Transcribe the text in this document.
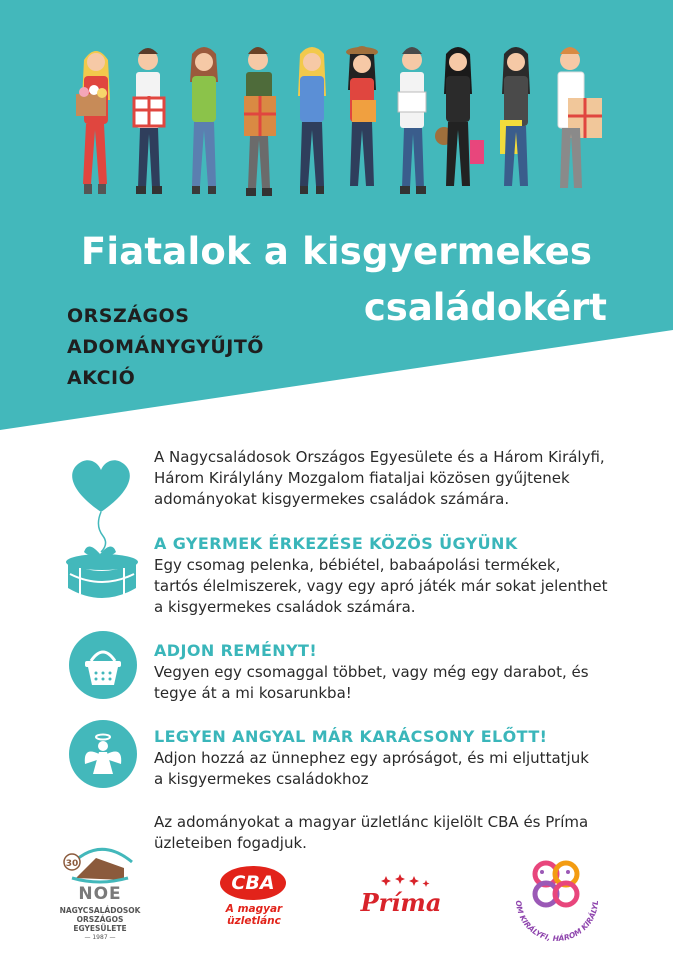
Fiatalok a kisgyermekes
családokért
ORSZÁGOS
ADOMÁNYGYŰJTŐ
AKCIÓ
A Nagycsaládosok Országos Egyesülete és a Három Királyfi,
Három Királylány Mozgalom fiataljai közösen gyűjtenek
adományokat kisgyermekes családok számára.
A GYERMEK ÉRKEZÉSE KÖZÖS ÜGYÜNK
Egy csomag pelenka, bébiétel, babaápolási termékek,
tartós élelmiszerek, vagy egy apró játék már sokat jelenthet
a kisgyermekes családok számára.
ADJON REMÉNYT!
Vegyen egy csomaggal többet, vagy még egy darabot, és
tegye át a mi kosarunkba!
LEGYEN ANGYAL MÁR KARÁCSONY ELŐTT!
Adjon hozzá az ünnephez egy apróságot, és mi eljuttatjuk
a kisgyermekes családokhoz
Az adományokat a magyar üzletlánc kijelölt CBA és Príma
üzleteiben fogadjuk.
30
NOE
NAGYCSALÁDOSOK
ORSZÁGOS
EGYESÜLETE
— 1987 —
CBA
A magyar
üzletlánc
Príma	OM KIRÁLYFI, HÁROM KIRÁLYL
